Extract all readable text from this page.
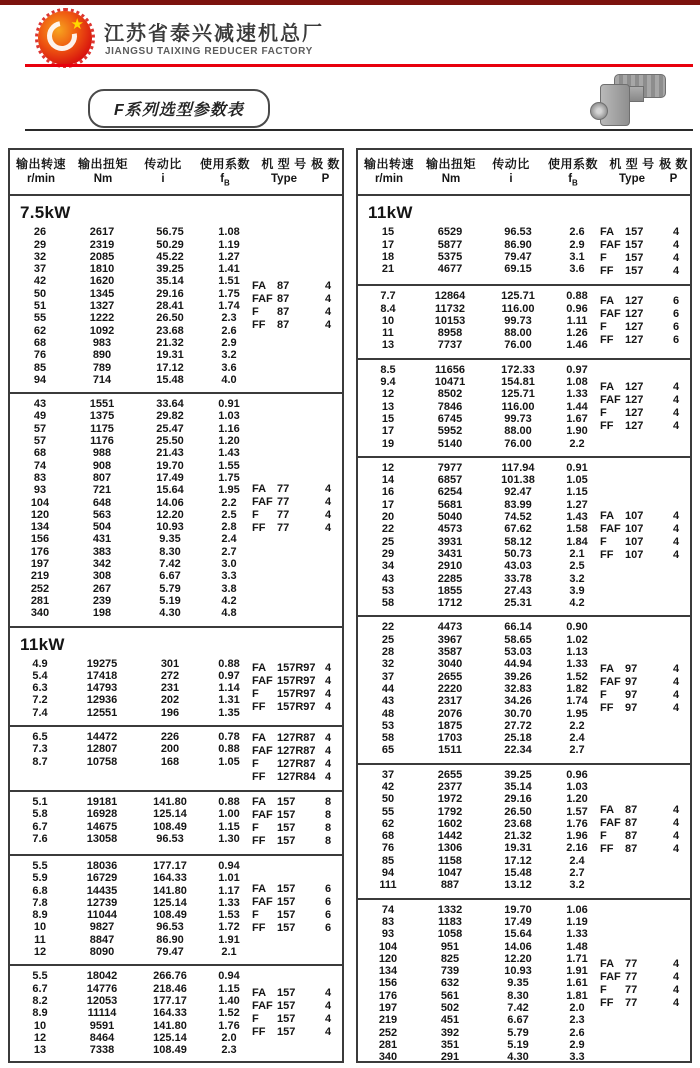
★ 江苏省泰兴减速机总厂
JIANGSU TAIXING REDUCER FACTORY
F系列选型参数表
输出转速 输出扭矩	传动比	使用系数 机 型 号 极 数
r/min	Nm	i	$f_B$	Type	P
7.5kW
26	2617	56.75	1.08
29	2319	50.29	1.19
32	2085	45.22	1.27
37	1810	39.25	1.41
42	1620	35.14	1.51
50	1345	29.16	1.75
51	1327	28.41	1.74
55	1222	26.50	2.3
62	1092	23.68	2.6
68	983	21.32	2.9
76	890	19.31	3.2
85	789	17.12	3.6
94	714	15.48	4.0
FA 87	4
FAF 87	4
F	87	4
FF	87	4
43	1551	33.64	0.91
49	1375	29.82	1.03
57	1175	25.47	1.16
57	1176	25.50	1.20
68	988	21.43	1.43
74	908	19.70	1.55
83	807	17.49	1.75
93	721	15.64	1.95
104	648	14.06	2.2
120	563	12.20	2.5
134	504	10.93	2.8
156	431	9.35	2.4
176	383	8.30	2.7
197	342	7.42	3.0
219	308	6.67	3.3
252	267	5.79	3.8
281	239	5.19	4.2
340	198	4.30	4.8
FA 77	4
FAF 77	4
F	77	4
FF	77	4
11kW
4.9	19275	301	0.88
5.4	17418	272	0.97
6.3	14793	231	1.14
7.2	12936	202	1.31
7.4	12551	196	1.35
FA 157R97 4
FAF 157R97 4
F	157R97 4
FF	157R97 4
6.5	14472	226	0.78
7.3	12807	200	0.88
8.7	10758	168	1.05
FA 127R87 4
FAF 127R87 4
F	127R87 4
FF	127R84 4
5.1	19181	141.80	0.88
5.8	16928	125.14	1.00
6.7	14675	108.49	1.15
7.6	13058	96.53	1.30
FA 157	8
FAF 157	8
F	157	8
FF	157	8
5.5	18036	177.17	0.94
5.9	16729	164.33	1.01
6.8	14435	141.80	1.17
7.8	12739	125.14	1.33
8.9	11044	108.49	1.53
10	9827	96.53	1.72
11	8847	86.90	1.91
12	8090	79.47	2.1
FA 157	6
FAF 157	6
F	157	6
FF	157	6
5.5	18042	266.76	0.94
6.7	14776	218.46	1.15
8.2	12053	177.17	1.40
8.9	11114	164.33	1.52
10	9591	141.80	1.76
12	8464	125.14	2.0
13	7338	108.49	2.3
FA 157	4
FAF 157	4
F	157	4
FF	157	4
输出转速 输出扭矩	传动比	使用系数 机 型 号 极 数
r/min	Nm	i	$f_B$	Type	P
11kW
15	6529	96.53	2.6
17	5877	86.90	2.9
18	5375	79.47	3.1
21	4677	69.15	3.6
FA 157	4
FAF 157	4
F	157	4
FF	157	4
7.7	12864	125.71	0.88
8.4	11732	116.00	0.96
10	10153	99.73	1.11
11	8958	88.00	1.26
13	7737	76.00	1.46
FA 127	6
FAF 127	6
F	127	6
FF	127	6
8.5	11656	172.33	0.97
9.4	10471	154.81	1.08
12	8502	125.71	1.33
13	7846	116.00	1.44
15	6745	99.73	1.67
17	5952	88.00	1.90
19	5140	76.00	2.2
FA 127	4
FAF 127	4
F	127	4
FF	127	4
12	7977	117.94	0.91
14	6857	101.38	1.05
16	6254	92.47	1.15
17	5681	83.99	1.27
20	5040	74.52	1.43
22	4573	67.62	1.58
25	3931	58.12	1.84
29	3431	50.73	2.1
34	2910	43.03	2.5
43	2285	33.78	3.2
53	1855	27.43	3.9
58	1712	25.31	4.2
FA 107	4
FAF 107	4
F	107	4
FF	107	4
22	4473	66.14	0.90
25	3967	58.65	1.02
28	3587	53.03	1.13
32	3040	44.94	1.33
37	2655	39.26	1.52
44	2220	32.83	1.82
43	2317	34.26	1.74
48	2076	30.70	1.95
53	1875	27.72	2.2
58	1703	25.18	2.4
65	1511	22.34	2.7
FA 97	4
FAF 97	4
F	97	4
FF	97	4
37	2655	39.25	0.96
42	2377	35.14	1.03
50	1972	29.16	1.20
55	1792	26.50	1.57
62	1602	23.68	1.76
68	1442	21.32	1.96
76	1306	19.31	2.16
85	1158	17.12	2.4
94	1047	15.48	2.7
111	887	13.12	3.2
FA 87	4
FAF 87	4
F	87	4
FF	87	4
74	1332	19.70	1.06
83	1183	17.49	1.19
93	1058	15.64	1.33
104	951	14.06	1.48
120	825	12.20	1.71
134	739	10.93	1.91
156	632	9.35	1.61
176	561	8.30	1.81
197	502	7.42	2.0
219	451	6.67	2.3
252	392	5.79	2.6
281	351	5.19	2.9
340	291	4.30	3.3
FA 77	4
FAF 77	4
F	77	4
FF	77	4
